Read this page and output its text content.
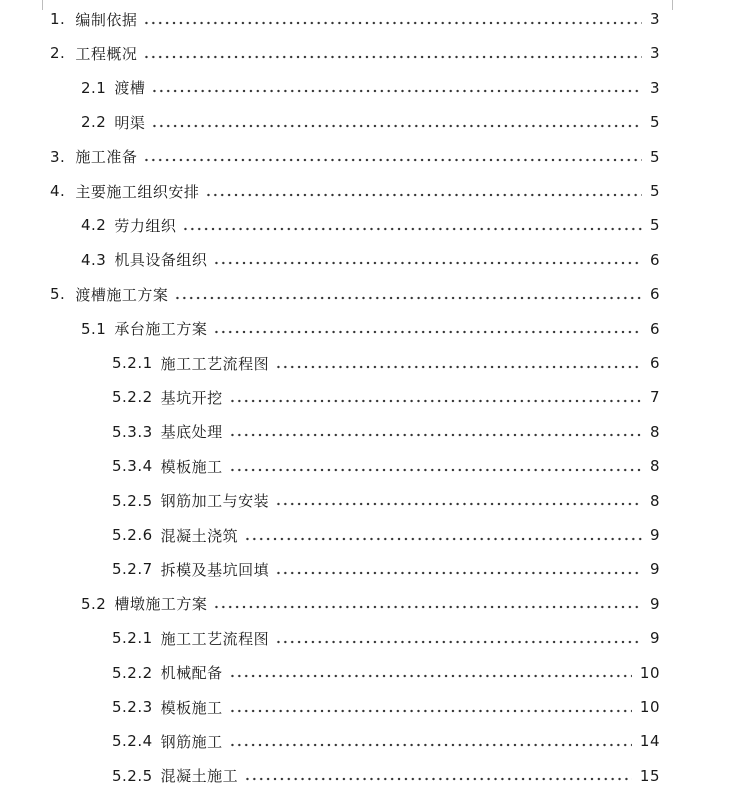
1. 编制依据	3
2. 工程概况	3
2.1 渡槽	3
2.2 明渠	5
3. 施工准备	5
4. 主要施工组织安排	5
4.2 劳力组织	5
4.3 机具设备组织	6
5. 渡槽施工方案	6
5.1 承台施工方案	6
5.2.1 施工工艺流程图	6
5.2.2 基坑开挖	7
5.3.3 基底处理	8
5.3.4 模板施工	8
5.2.5 钢筋加工与安装	8
5.2.6 混凝土浇筑	9
5.2.7 拆模及基坑回填	9
5.2 槽墩施工方案	9
5.2.1 施工工艺流程图	9
5.2.2 机械配备	10
5.2.3 模板施工	10
5.2.4 钢筋施工	14
5.2.5 混凝土施工	15
